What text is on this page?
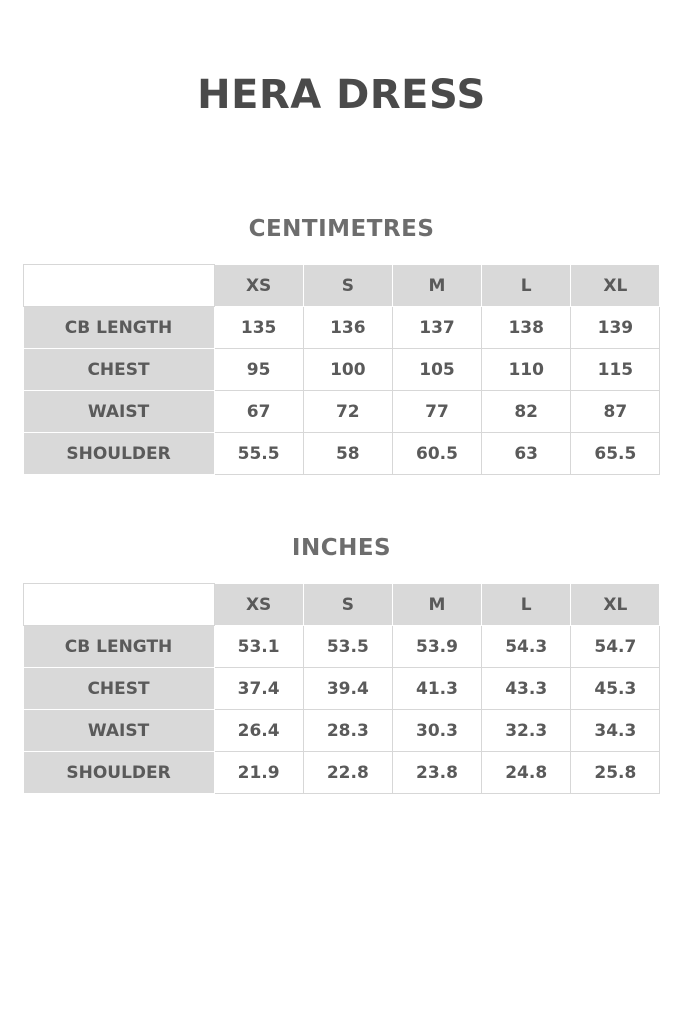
HERA DRESS
CENTIMETRES
	XS	S	M	L	XL
CB LENGTH	135	136	137	138	139
CHEST	95	100	105	110	115
WAIST	67	72	77	82	87
SHOULDER	55.5	58	60.5	63	65.5
INCHES
	XS	S	M	L	XL
CB LENGTH	53.1	53.5	53.9	54.3	54.7
CHEST	37.4	39.4	41.3	43.3	45.3
WAIST	26.4	28.3	30.3	32.3	34.3
SHOULDER	21.9	22.8	23.8	24.8	25.8
